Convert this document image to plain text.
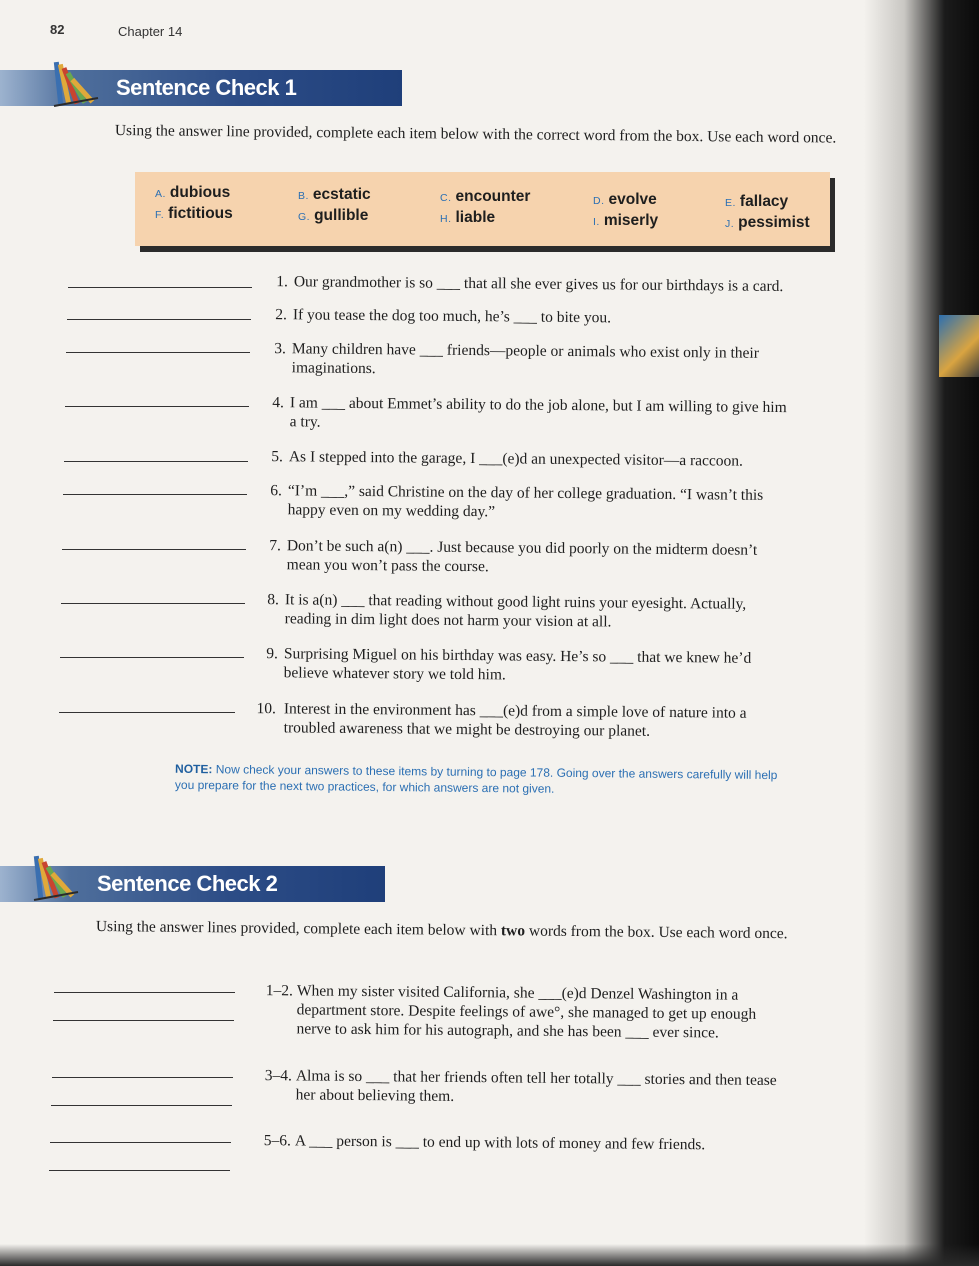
82	Chapter 14
Sentence Check 1
Using the answer line provided, complete each item below with the correct word from the box. Use each word once.
A. dubious	B. ecstatic	C. encounter	D. evolve	E. fallacy
F. fictitious	G. gullible	H. liable	I. miserly	J. pessimist
1. Our grandmother is so ___ that all she ever gives us for our birthdays is a card.
2. If you tease the dog too much, he’s ___ to bite you.
3. Many children have ___ friends—people or animals who exist only in their
imaginations.
4. I am ___ about Emmet’s ability to do the job alone, but I am willing to give him
a try.
5. As I stepped into the garage, I ___(e)d an unexpected visitor—a raccoon.
6. “I’m ___,” said Christine on the day of her college graduation. “I wasn’t this
happy even on my wedding day.”
7. Don’t be such a(n) ___. Just because you did poorly on the midterm doesn’t
mean you won’t pass the course.
8. It is a(n) ___ that reading without good light ruins your eyesight. Actually,
reading in dim light does not harm your vision at all.
9. Surprising Miguel on his birthday was easy. He’s so ___ that we knew he’d
believe whatever story we told him.
10. Interest in the environment has ___(e)d from a simple love of nature into a
troubled awareness that we might be destroying our planet.
NOTE: Now check your answers to these items by turning to page 178. Going over the answers carefully will help you prepare for the next two practices, for which answers are not given.
Sentence Check 2
Using the answer lines provided, complete each item below with two words from the box. Use each word once.
1–2. When my sister visited California, she ___(e)d Denzel Washington in a
department store. Despite feelings of awe°, she managed to get up enough
nerve to ask him for his autograph, and she has been ___ ever since.
3–4. Alma is so ___ that her friends often tell her totally ___ stories and then tease
her about believing them.
5–6. A ___ person is ___ to end up with lots of money and few friends.
